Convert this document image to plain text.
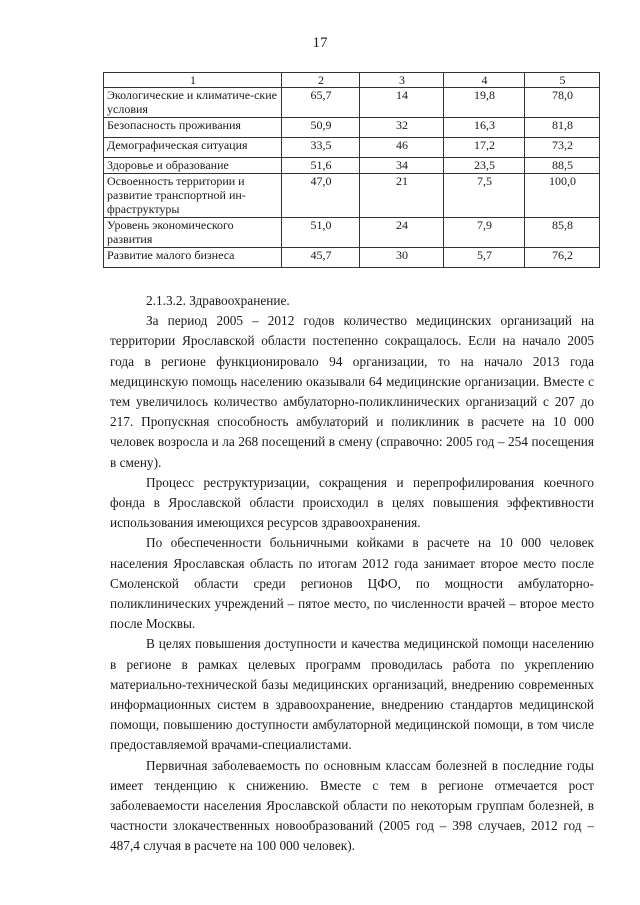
17
1	2	3	4	5
Экологические и климатиче-ские условия	65,7	14	19,8	78,0
Безопасность проживания	50,9	32	16,3	81,8
Демографическая ситуация	33,5	46	17,2	73,2
Здоровье и образование	51,6	34	23,5	88,5
Освоенность территории и развитие транспортной ин-фраструктуры	47,0	21	7,5	100,0
Уровень экономического развития	51,0	24	7,9	85,8
Развитие малого бизнеса	45,7	30	5,7	76,2

2.1.3.2. Здравоохранение.

За период 2005 – 2012 годов количество медицинских организаций на территории Ярославской области постепенно сокращалось. Если на начало 2005 года в регионе функционировало 94 организации, то на начало 2013 года медицинскую помощь населению оказывали 64 медицинские организации. Вместе с тем увеличилось количество амбулаторно-поликлинических организаций с 207 до 217. Пропускная способность амбулаторий и поликлиник в расчете на 10 000 человек возросла и ла 268 посещений в смену (справочно: 2005 год – 254 посещения в смену).

Процесс реструктуризации, сокращения и перепрофилирования коечного фонда в Ярославской области происходил в целях повышения эффективности использования имеющихся ресурсов здравоохранения.

По обеспеченности больничными койками в расчете на 10 000 человек населения Ярославская область по итогам 2012 года занимает второе место после Смоленской области среди регионов ЦФО, по мощности амбулаторно-поликлинических учреждений – пятое место, по численности врачей – второе место после Москвы.

В целях повышения доступности и качества медицинской помощи населению в регионе в рамках целевых программ проводилась работа по укреплению материально-технической базы медицинских организаций, внедрению современных информационных систем в здравоохранение, внедрению стандартов медицинской помощи, повышению доступности амбулаторной медицинской помощи, в том числе предоставляемой врачами-специалистами.

Первичная заболеваемость по основным классам болезней в последние годы имеет тенденцию к снижению. Вместе с тем в регионе отмечается рост заболеваемости населения Ярославской области по некоторым группам болезней, в частности злокачественных новообразований (2005 год – 398 случаев, 2012 год – 487,4 случая в расчете на 100 000 человек).
